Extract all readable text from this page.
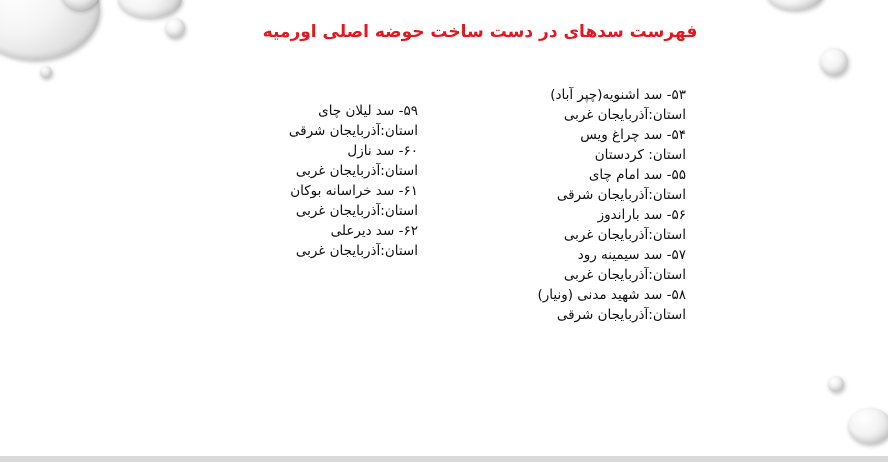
فهرست سدهای در دست ساخت حوضه اصلی اورمیه
۵۳- سد اشنویه(چپر آباد)
استان:آذربایجان غربی
۵۴- سد چراغ ویس
استان: کردستان
۵۵- سد امام چای
استان:آذربایجان شرقی
۵۶- سد باراندوز
استان:آذربایجان غربی
۵۷- سد سیمینه رود
استان:آذربایجان غربی
۵۸- سد شهید مدنی (ونیار)
استان:آذربایجان شرقی
۵۹- سد لیلان چای
استان:آذربایجان شرقی
۶۰- سد نازل
استان:آذربایجان غربی
۶۱- سد خراسانه بوکان
استان:آذربایجان غربی
۶۲- سد دیرعلی
استان:آذربایجان غربی
